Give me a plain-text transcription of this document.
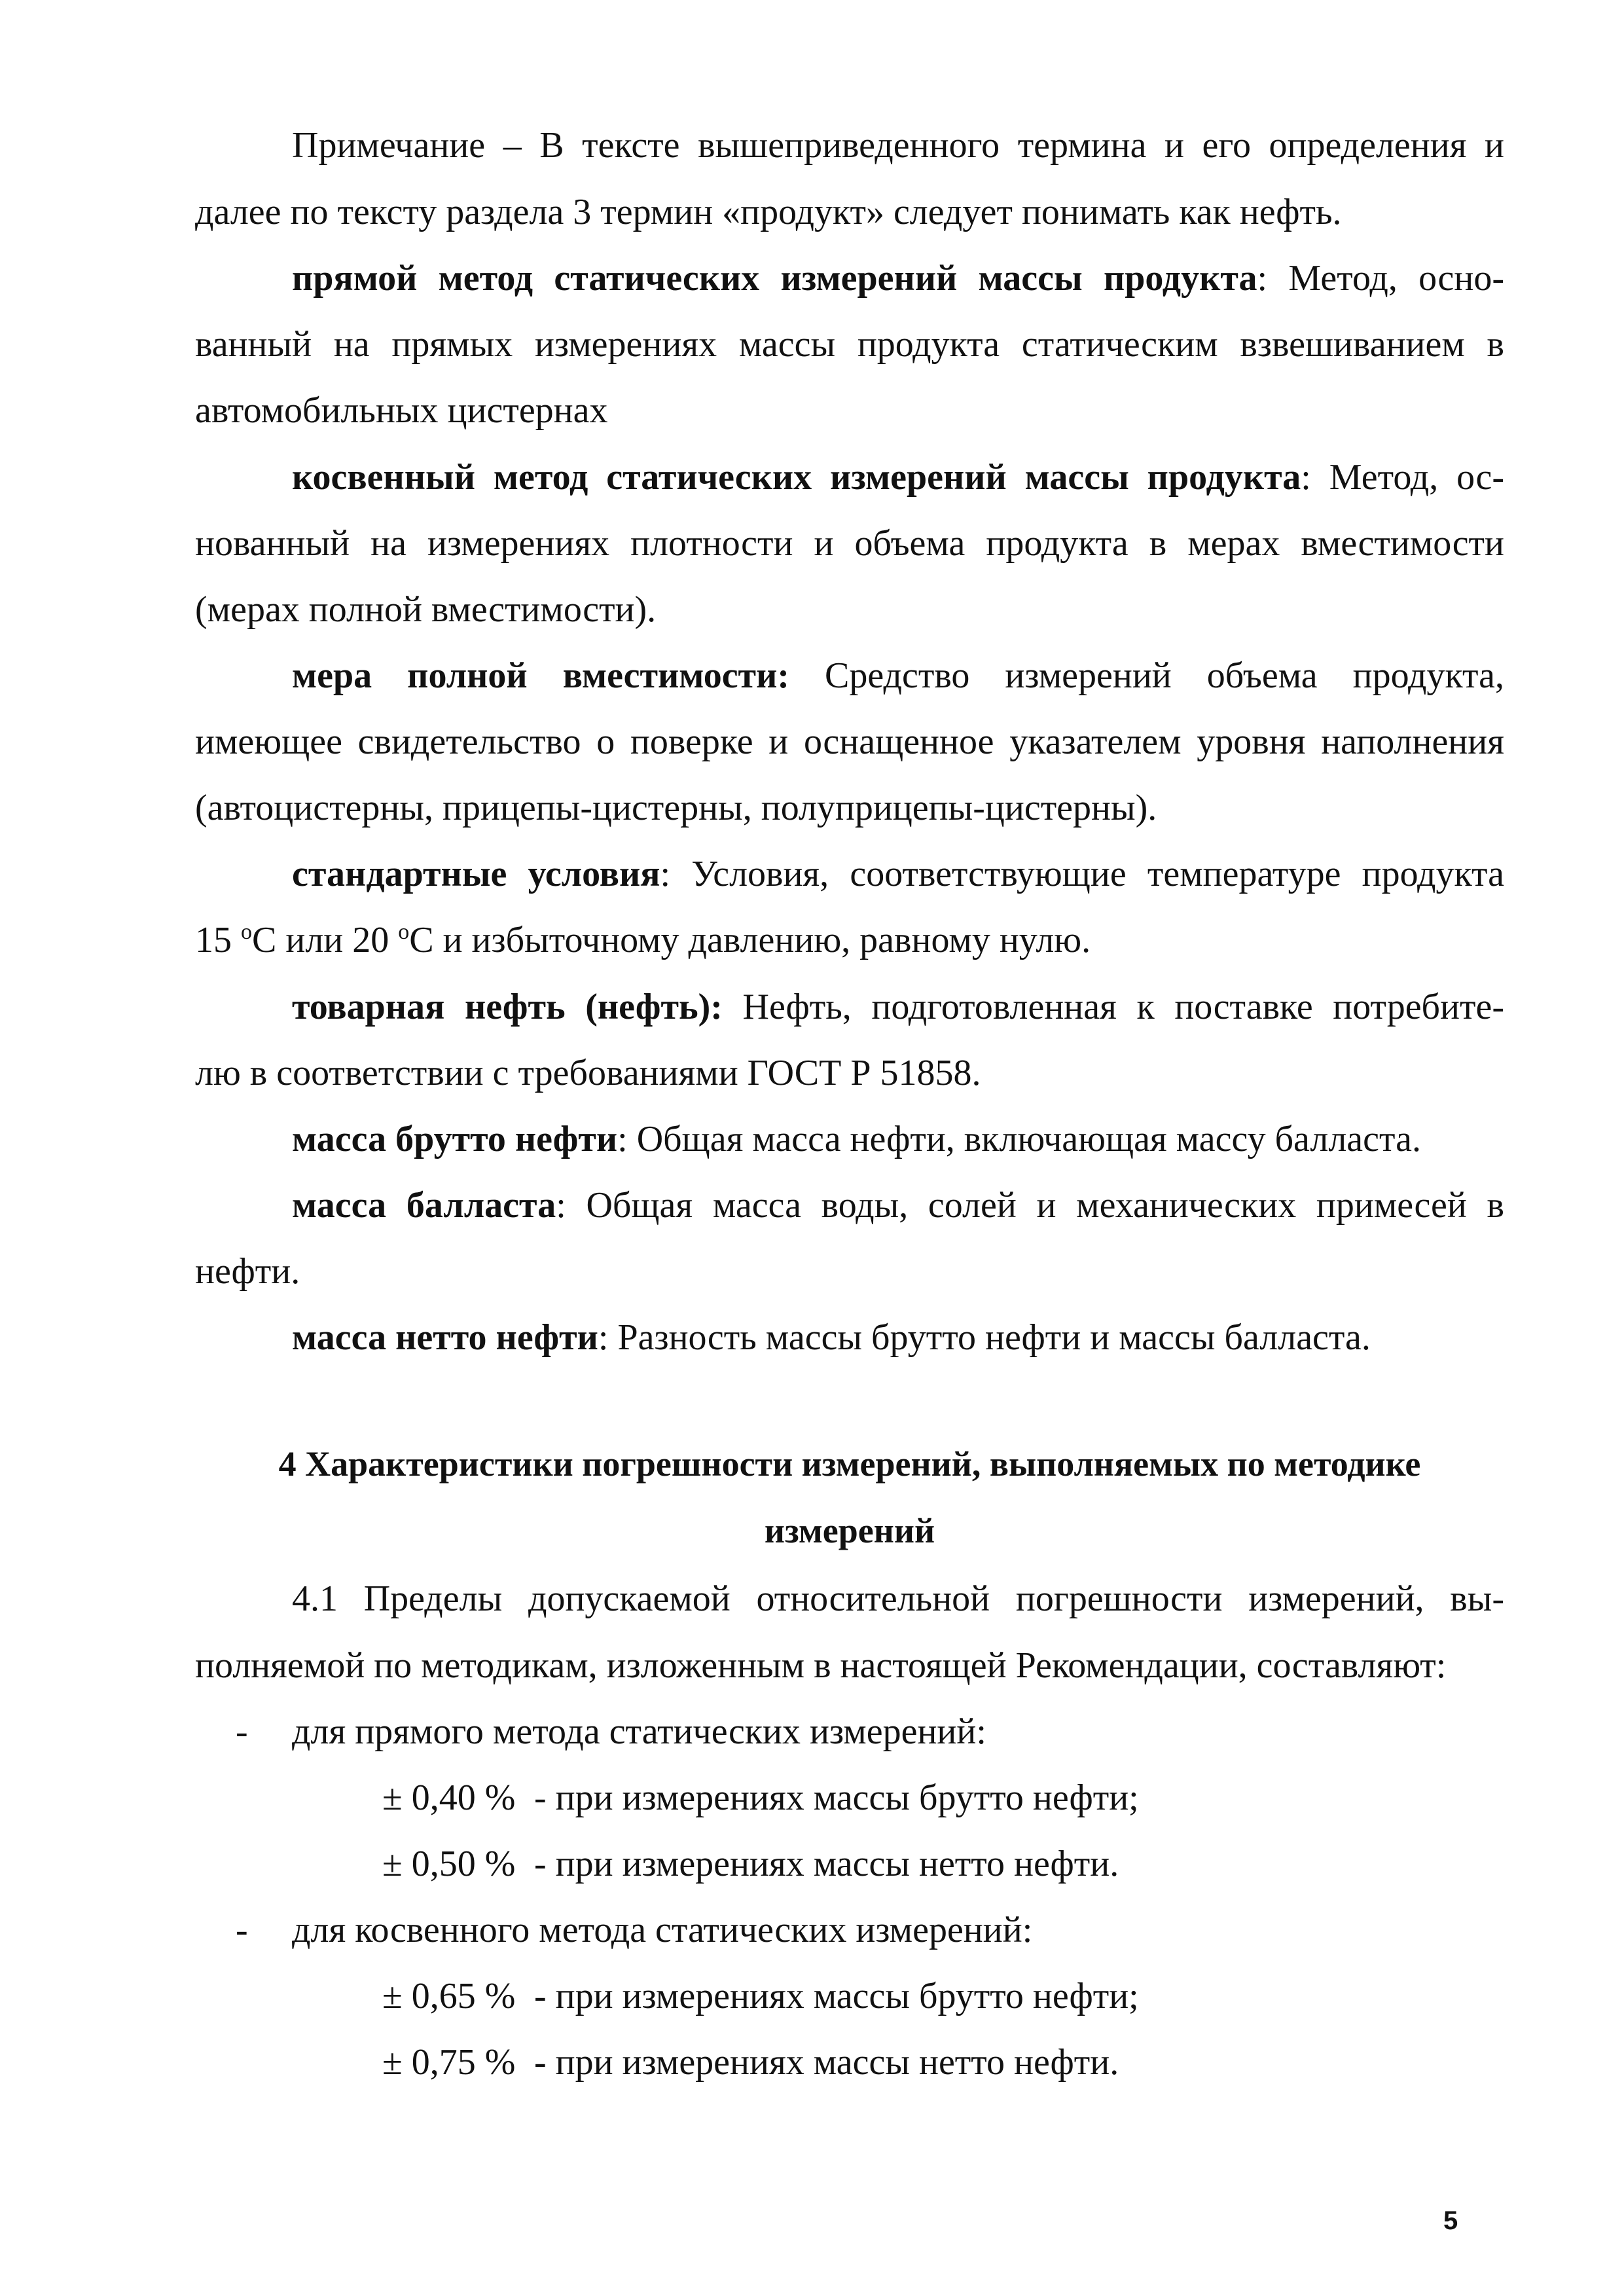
Примечание – В тексте вышеприведенного термина и его определения и
далее по тексту раздела 3 термин «продукт» следует понимать как нефть.
прямой метод статических измерений массы продукта: Метод, осно-
ванный на прямых измерениях массы продукта статическим взвешиванием в
автомобильных цистернах
косвенный метод статических измерений массы продукта: Метод, ос-
нованный на измерениях плотности и объема продукта в мерах вместимости
(мерах полной вместимости).
мера полной вместимости: Средство измерений объема продукта,
имеющее свидетельство о поверке и оснащенное указателем уровня наполнения
(автоцистерны, прицепы-цистерны, полуприцепы-цистерны).
стандартные условия: Условия, соответствующие температуре продукта
15 $^о$С или 20 $^о$С и избыточному давлению, равному нулю.
товарная нефть (нефть): Нефть, подготовленная к поставке потребите-
лю в соответствии с требованиями ГОСТ Р 51858.
масса брутто нефти: Общая масса нефти, включающая массу балласта.
масса балласта: Общая масса воды, солей и механических примесей в
нефти.
масса нетто нефти: Разность массы брутто нефти и массы балласта.
4 Характеристики погрешности измерений, выполняемых по методике
измерений
4.1 Пределы допускаемой относительной погрешности измерений, вы-
полняемой по методикам, изложенным в настоящей Рекомендации, составляют:
- для прямого метода статических измерений:
± 0,40 % - при измерениях массы брутто нефти;
± 0,50 % - при измерениях массы нетто нефти.
- для косвенного метода статических измерений:
± 0,65 % - при измерениях массы брутто нефти;
± 0,75 % - при измерениях массы нетто нефти.
5
